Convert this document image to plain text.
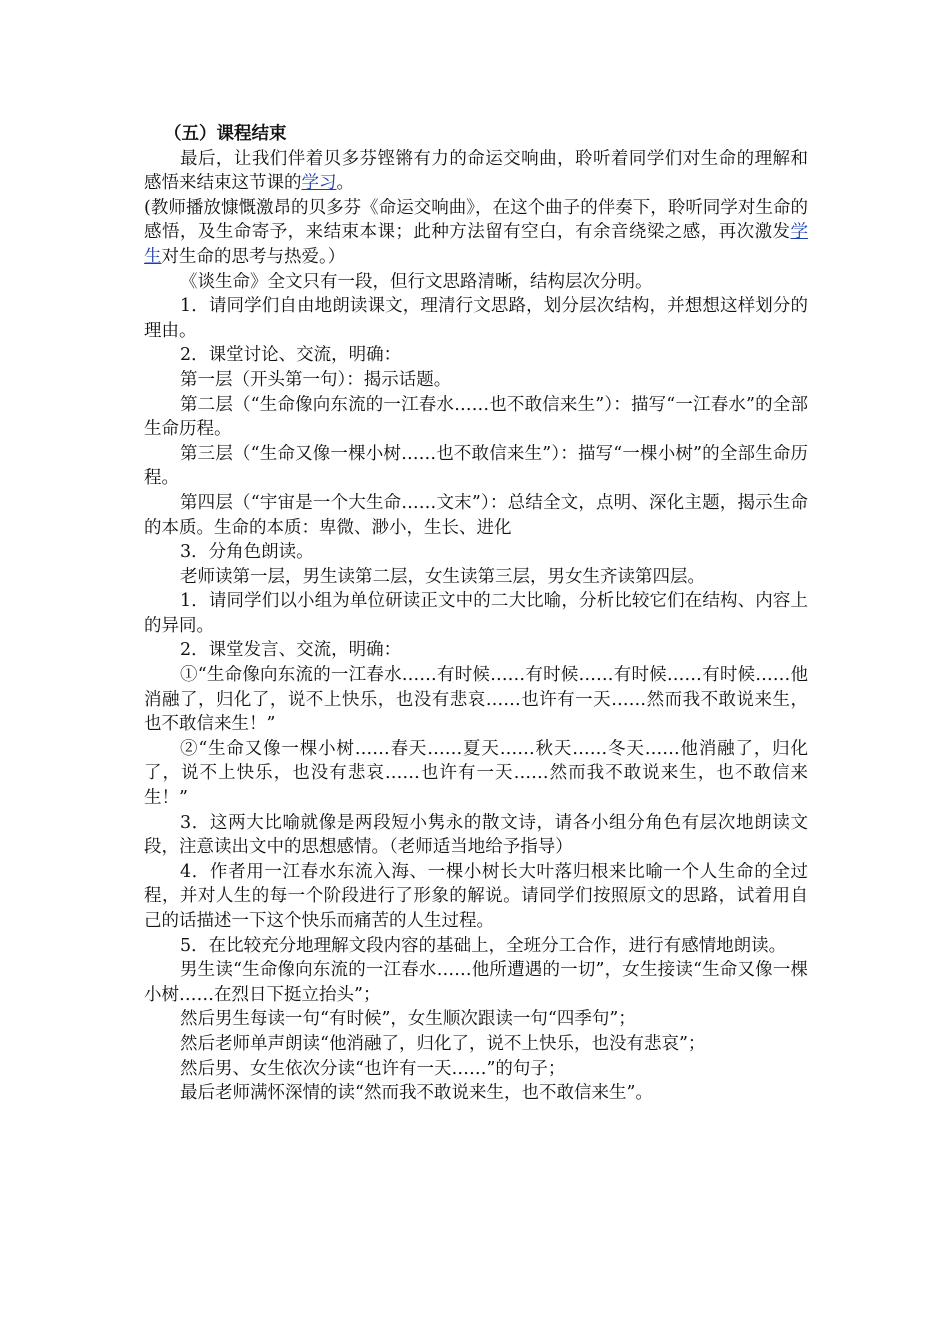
（五）课程结束

最后，让我们伴着贝多芬铿锵有力的命运交响曲，聆听着同学们对生命的理解和感悟来结束这节课的学习。

(教师播放慷慨激昂的贝多芬《命运交响曲》，在这个曲子的伴奏下，聆听同学对生命的感悟，及生命寄予，来结束本课；此种方法留有空白，有余音绕梁之感，再次激发学生对生命的思考与热爱。）

《谈生命》全文只有一段，但行文思路清晰，结构层次分明。

1．请同学们自由地朗读课文，理清行文思路，划分层次结构，并想想这样划分的理由。

2．课堂讨论、交流，明确：

第一层（开头第一句）：揭示话题。

第二层（“生命像向东流的一江春水……也不敢信来生”）：描写“一江春水”的全部生命历程。

第三层（“生命又像一棵小树……也不敢信来生”）：描写“一棵小树”的全部生命历程。

第四层（“宇宙是一个大生命……文末”）：总结全文，点明、深化主题，揭示生命的本质。生命的本质：卑微、渺小，生长、进化

3．分角色朗读。

老师读第一层，男生读第二层，女生读第三层，男女生齐读第四层。

1．请同学们以小组为单位研读正文中的二大比喻，分析比较它们在结构、内容上的异同。

2．课堂发言、交流，明确：

①“生命像向东流的一江春水……有时候……有时候……有时候……有时候……他消融了，归化了，说不上快乐，也没有悲哀……也许有一天……然而我不敢说来生，也不敢信来生！”

②“生命又像一棵小树……春天……夏天……秋天……冬天……他消融了，归化了，说不上快乐，也没有悲哀……也许有一天……然而我不敢说来生，也不敢信来生！”

3．这两大比喻就像是两段短小隽永的散文诗，请各小组分角色有层次地朗读文段，注意读出文中的思想感情。（老师适当地给予指导）

4．作者用一江春水东流入海、一棵小树长大叶落归根来比喻一个人生命的全过程，并对人生的每一个阶段进行了形象的解说。请同学们按照原文的思路，试着用自己的话描述一下这个快乐而痛苦的人生过程。

5．在比较充分地理解文段内容的基础上，全班分工合作，进行有感情地朗读。

男生读“生命像向东流的一江春水……他所遭遇的一切”，女生接读“生命又像一棵小树……在烈日下挺立抬头”；

然后男生每读一句“有时候”，女生顺次跟读一句“四季句”；

然后老师单声朗读“他消融了，归化了，说不上快乐，也没有悲哀”；

然后男、女生依次分读“也许有一天……”的句子；

最后老师满怀深情的读“然而我不敢说来生，也不敢信来生”。
